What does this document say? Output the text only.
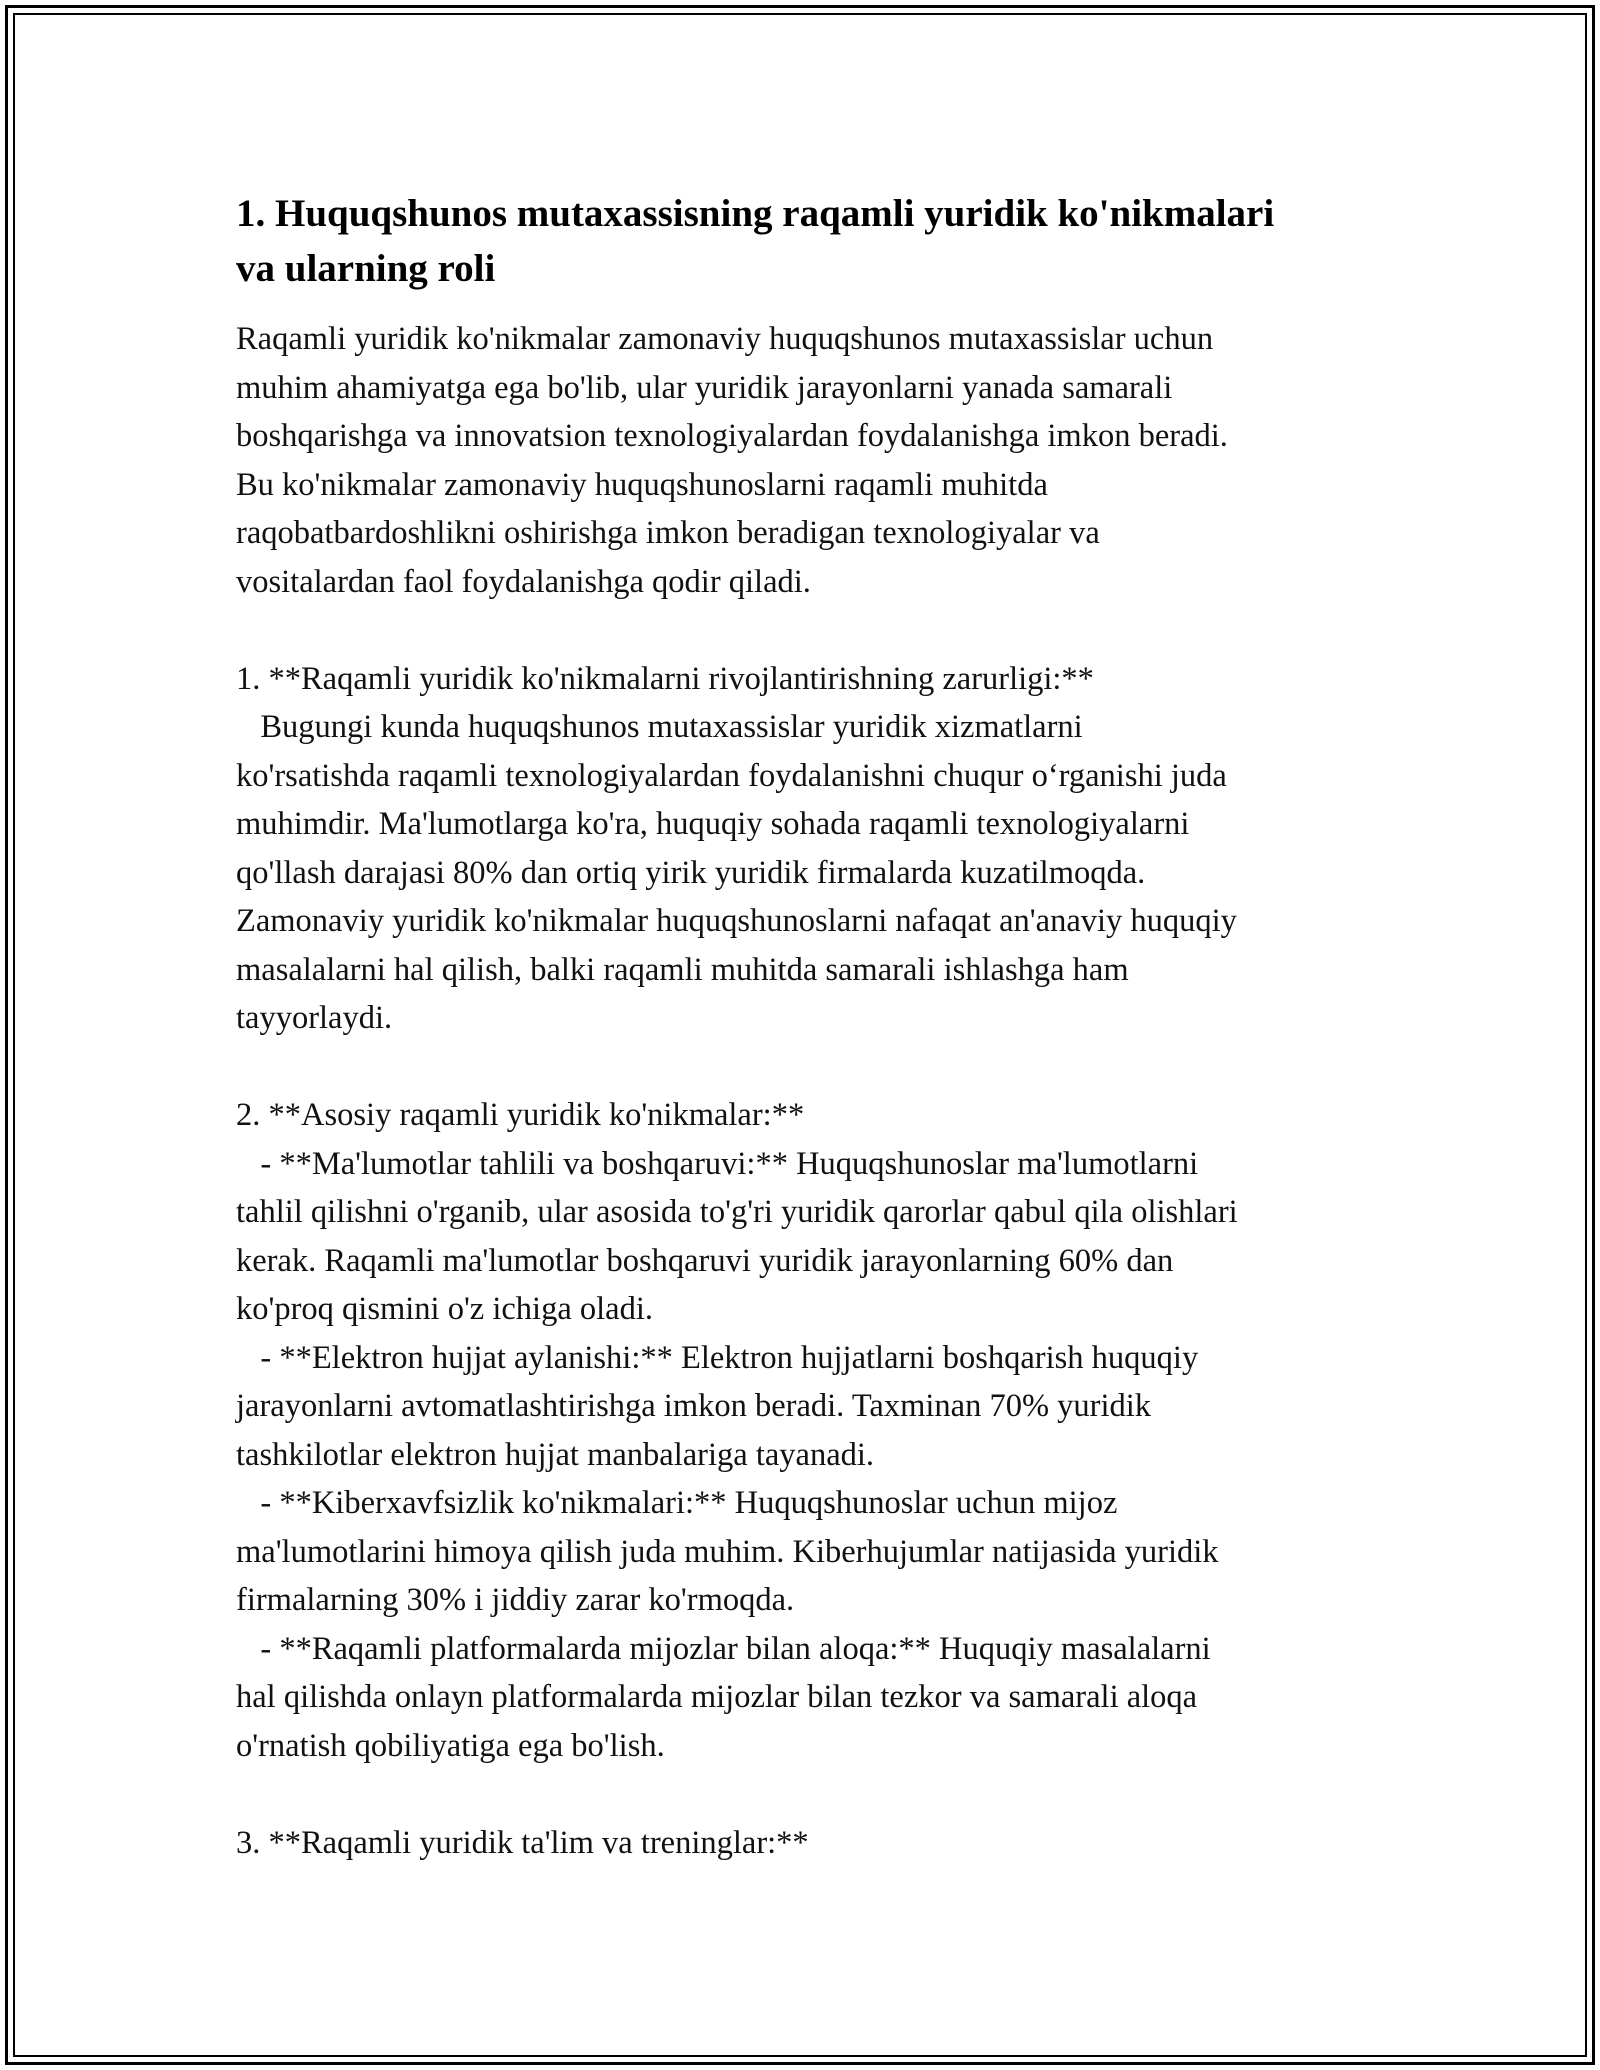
1. Huquqshunos mutaxassisning raqamli yuridik ko'nikmalari
va ularning roli
Raqamli yuridik ko'nikmalar zamonaviy huquqshunos mutaxassislar uchun
muhim ahamiyatga ega bo'lib, ular yuridik jarayonlarni yanada samarali
boshqarishga va innovatsion texnologiyalardan foydalanishga imkon beradi.
Bu ko'nikmalar zamonaviy huquqshunoslarni raqamli muhitda
raqobatbardoshlikni oshirishga imkon beradigan texnologiyalar va
vositalardan faol foydalanishga qodir qiladi.
1. **Raqamli yuridik ko'nikmalarni rivojlantirishning zarurligi:**
Bugungi kunda huquqshunos mutaxassislar yuridik xizmatlarni
ko'rsatishda raqamli texnologiyalardan foydalanishni chuqur o‘rganishi juda
muhimdir. Ma'lumotlarga ko'ra, huquqiy sohada raqamli texnologiyalarni
qo'llash darajasi 80% dan ortiq yirik yuridik firmalarda kuzatilmoqda.
Zamonaviy yuridik ko'nikmalar huquqshunoslarni nafaqat an'anaviy huquqiy
masalalarni hal qilish, balki raqamli muhitda samarali ishlashga ham
tayyorlaydi.
2. **Asosiy raqamli yuridik ko'nikmalar:**
- **Ma'lumotlar tahlili va boshqaruvi:** Huquqshunoslar ma'lumotlarni
tahlil qilishni o'rganib, ular asosida to'g'ri yuridik qarorlar qabul qila olishlari
kerak. Raqamli ma'lumotlar boshqaruvi yuridik jarayonlarning 60% dan
ko'proq qismini o'z ichiga oladi.
- **Elektron hujjat aylanishi:** Elektron hujjatlarni boshqarish huquqiy
jarayonlarni avtomatlashtirishga imkon beradi. Taxminan 70% yuridik
tashkilotlar elektron hujjat manbalariga tayanadi.
- **Kiberxavfsizlik ko'nikmalari:** Huquqshunoslar uchun mijoz
ma'lumotlarini himoya qilish juda muhim. Kiberhujumlar natijasida yuridik
firmalarning 30% i jiddiy zarar ko'rmoqda.
- **Raqamli platformalarda mijozlar bilan aloqa:** Huquqiy masalalarni
hal qilishda onlayn platformalarda mijozlar bilan tezkor va samarali aloqa
o'rnatish qobiliyatiga ega bo'lish.
3. **Raqamli yuridik ta'lim va treninglar:**
